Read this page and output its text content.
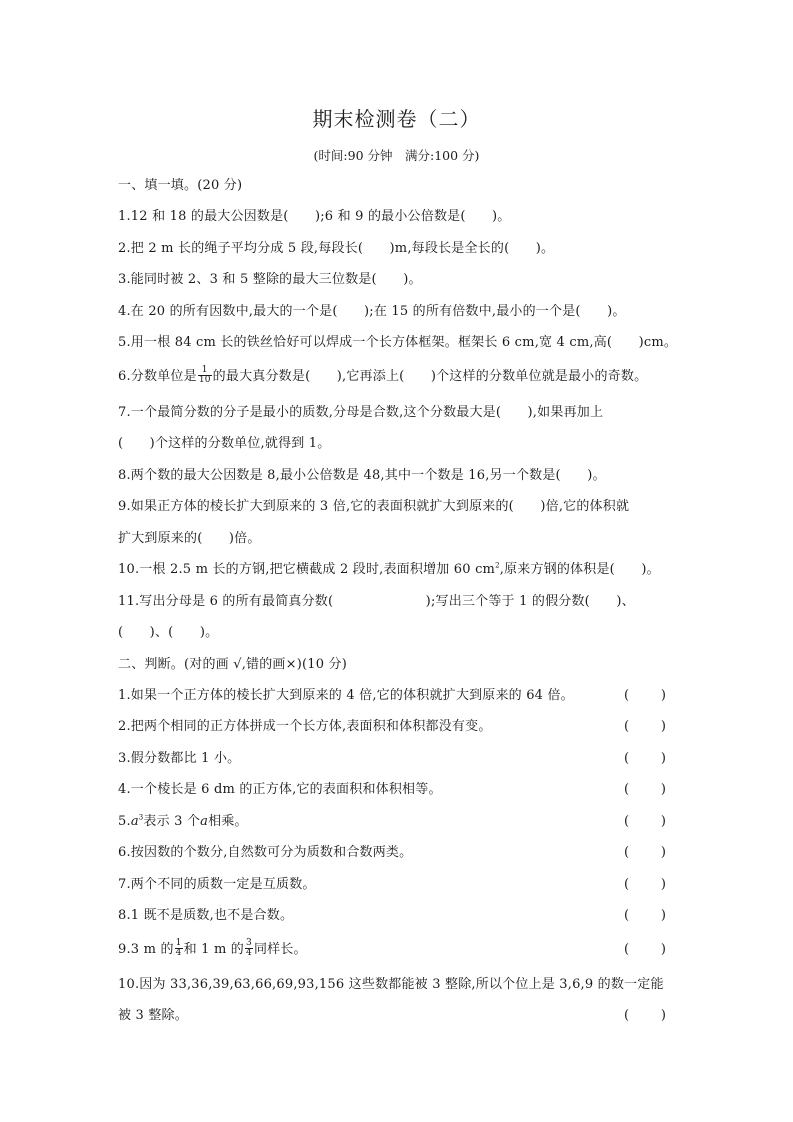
期末检测卷（二）
(时间:90 分钟　满分:100 分)
一、填一填。(20 分)
1.12 和 18 的最大公因数是(　　);6 和 9 的最小公倍数是(　　)。
2.把 2 m 长的绳子平均分成 5 段,每段长(　　)m,每段长是全长的(　　)。
3.能同时被 2、3 和 5 整除的最大三位数是(　　)。
4.在 20 的所有因数中,最大的一个是(　　);在 15 的所有倍数中,最小的一个是(　　)。
5.用一根 84 cm 长的铁丝恰好可以焊成一个长方体框架。框架长 6 cm,宽 4 cm,高(　　)cm。
6.分数单位是 $\frac{1}{10}$ 的最大真分数是(　　),它再添上(　　)个这样的分数单位就是最小的奇数。
7.一个最简分数的分子是最小的质数,分母是合数,这个分数最大是(　　),如果再加上
(　　)个这样的分数单位,就得到 1。
8.两个数的最大公因数是 8,最小公倍数是 48,其中一个数是 16,另一个数是(　　)。
9.如果正方体的棱长扩大到原来的 3 倍,它的表面积就扩大到原来的(　　)倍,它的体积就
扩大到原来的(　　)倍。
10.一根 2.5 m 长的方钢,把它横截成 2 段时,表面积增加 60 $cm^2$,原来方钢的体积是(　　)。
11.写出分母是 6 的所有最简真分数(　　　　　　　);写出三个等于 1 的假分数(　　)、
(　　)、(　　)。
二、判断。(对的画 √,错的画×)(10 分)
1.如果一个正方体的棱长扩大到原来的 4 倍,它的体积就扩大到原来的 64 倍。	( )
2.把两个相同的正方体拼成一个长方体,表面积和体积都没有变。	( )
3.假分数都比 1 小。	( )
4.一个棱长是 6 dm 的正方体,它的表面积和体积相等。	( )
$5.a^3$表示 3 个a相乘。	( )
6.按因数的个数分,自然数可分为质数和合数两类。	( )
7.两个不同的质数一定是互质数。	( )
8.1 既不是质数,也不是合数。	( )
9.3 m 的 $\frac{1}{4}$ 和 1 m 的 $\frac{3}{4}$ 同样长。	( )
10.因为 33,36,39,63,66,69,93,156 这些数都能被 3 整除,所以个位上是 3,6,9 的数一定能
被 3 整除。	( )
